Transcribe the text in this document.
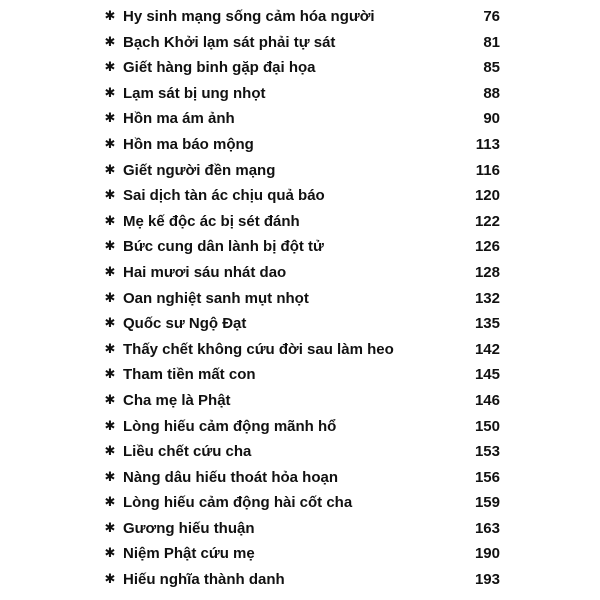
✱ Hy sinh mạng sống cảm hóa người	76
✱ Bạch Khởi lạm sát phải tự sát	81
✱ Giết hàng binh gặp đại họa	85
✱ Lạm sát bị ung nhọt	88
✱ Hồn ma ám ảnh	90
✱ Hồn ma báo mộng	113
✱ Giết người đền mạng	116
✱ Sai dịch tàn ác chịu quả báo	120
✱ Mẹ kế độc ác bị sét đánh	122
✱ Bức cung dân lành bị đột tử	126
✱ Hai mươi sáu nhát dao	128
✱ Oan nghiệt sanh mụt nhọt	132
✱ Quốc sư Ngộ Đạt	135
✱ Thấy chết không cứu đời sau làm heo	142
✱ Tham tiền mất con	145
✱ Cha mẹ là Phật	146
✱ Lòng hiếu cảm động mãnh hổ	150
✱ Liều chết cứu cha	153
✱ Nàng dâu hiếu thoát hỏa hoạn	156
✱ Lòng hiếu cảm động hài cốt cha	159
✱ Gương hiếu thuận	163
✱ Niệm Phật cứu mẹ	190
✱ Hiếu nghĩa thành danh	193
